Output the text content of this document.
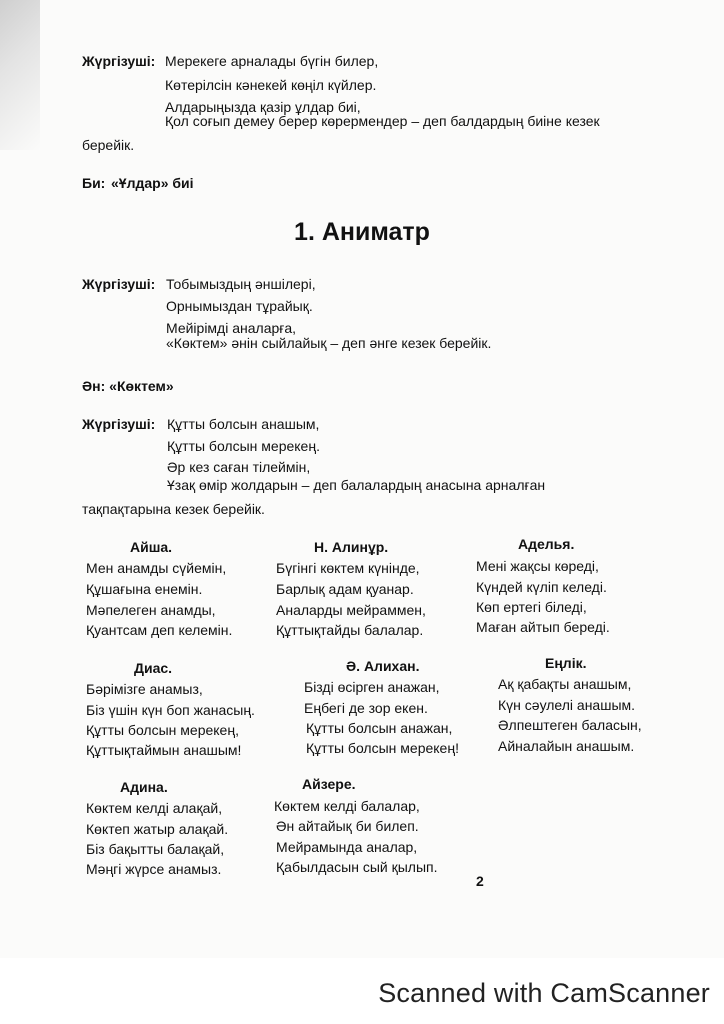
Жүргізуші: Мерекеге арналады бүгін билер,
Көтерілсін кәнекей көңіл күйлер.
Алдарыңызда қазір ұлдар биі,
Қол соғып демеу берер көрермендер – деп балдардың биіне кезек
берейік.
Би: «Ұлдар» биі
1. Аниматр
Жүргізуші: Тобымыздың әншілері,
Орнымыздан тұрайық.
Мейірімді аналарға,
«Көктем» әнін сыйлайық – деп әнге кезек берейік.
Ән: «Көктем»
Жүргізуші: Құтты болсын анашым,
Құтты болсын мерекең.
Әр кез саған тілеймін,
Ұзақ өмір жолдарын – деп балалардың анасына арналған
тақпақтарына кезек берейік.
Айша.
Мен анамды сүйемін,
Құшағына енемін.
Мәпелеген анамды,
Қуантсам деп келемін.
Н. Алинұр.
Бүгінгі көктем күнінде,
Барлық адам қуанар.
Аналарды мейраммен,
Құттықтайды балалар.
Аделья.
Мені жақсы көреді,
Күндей күліп келеді.
Көп ертегі біледі,
Маған айтып береді.
Диас.
Бәрімізге анамыз,
Біз үшін күн боп жанасың.
Құтты болсын мерекең,
Құттықтаймын анашым!
Ә. Алихан.
Бізді өсірген анажан,
Еңбегі де зор екен.
Құтты болсын анажан,
Құтты болсын мерекең!
Еңлік.
Ақ қабақты анашым,
Күн сәулелі анашым.
Әлпештеген баласын,
Айналайын анашым.
Адина.
Көктем келді алақай,
Көктеп жатыр алақай.
Біз бақытты балақай,
Мәңгі жүрсе анамыз.
Айзере.
Көктем келді балалар,
Ән айтайық би билеп.
Мейрамында аналар,
Қабылдасын сый қылып.
2
Scanned with CamScanner
